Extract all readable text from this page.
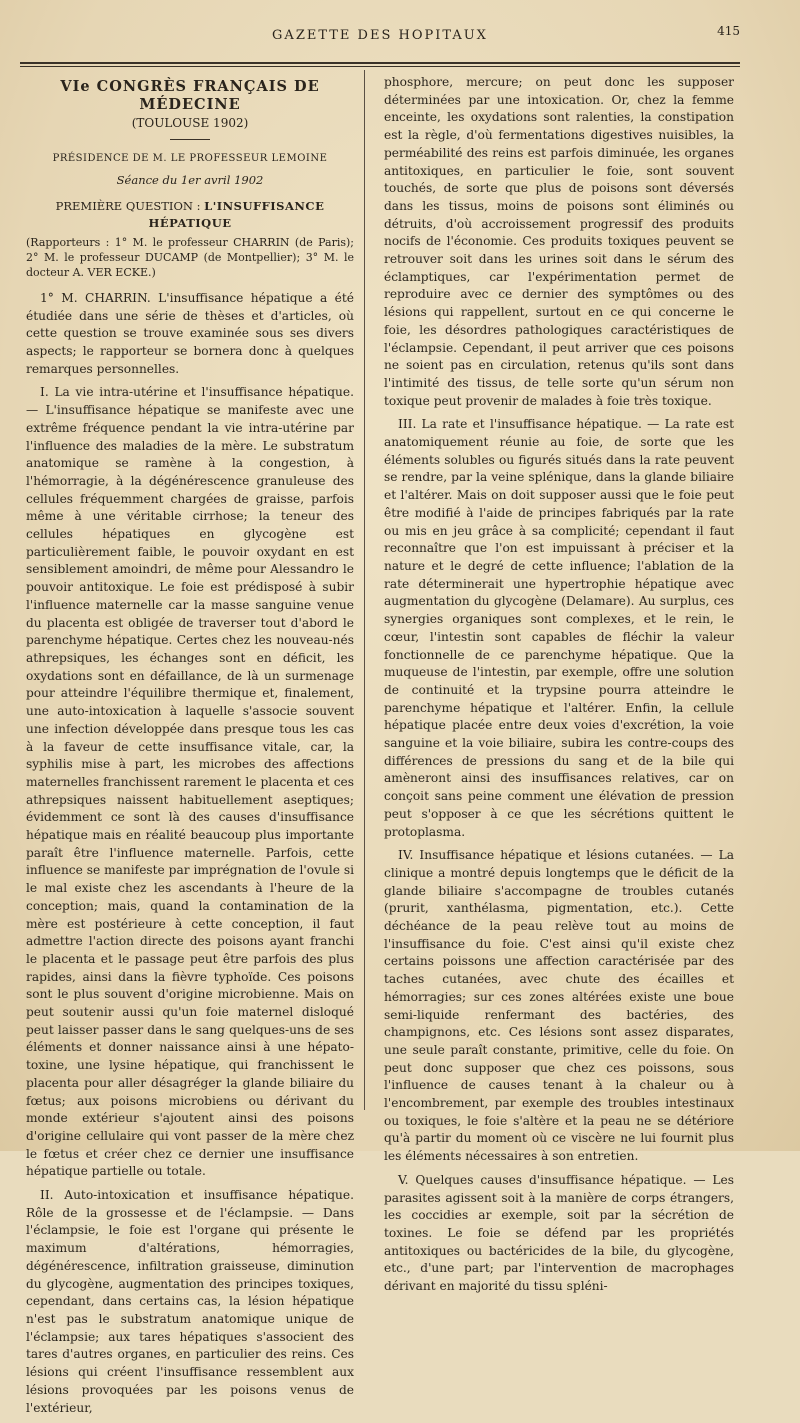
GAZETTE DES HOPITAUX	415
VIe CONGRÈS FRANÇAIS DE MÉDECINE
(TOULOUSE 1902)
PRÉSIDENCE DE M. LE PROFESSEUR LEMOINE
Séance du 1er avril 1902
PREMIÈRE QUESTION : L'INSUFFISANCE HÉPATIQUE
(Rapporteurs : 1° M. le professeur CHARRIN (de Paris); 2° M. le professeur DUCAMP (de Montpellier); 3° M. le docteur A. VER ECKE.)

1° M. CHARRIN. L'insuffisance hépatique a été étudiée dans une série de thèses et d'articles, où cette question se trouve examinée sous ses divers aspects; le rapporteur se bornera donc à quelques remarques personnelles.

I. La vie intra-utérine et l'insuffisance hépatique. — L'insuffisance hépatique se manifeste avec une extrême fréquence pendant la vie intra-utérine par l'influence des maladies de la mère. Le substratum anatomique se ramène à la congestion, à l'hémorragie, à la dégénérescence granuleuse des cellules fréquemment chargées de graisse, parfois même à une véritable cirrhose; la teneur des cellules hépatiques en glycogène est particulièrement faible, le pouvoir oxydant en est sensiblement amoindri, de même pour Alessandro le pouvoir antitoxique. Le foie est prédisposé à subir l'influence maternelle car la masse sanguine venue du placenta est obligée de traverser tout d'abord le parenchyme hépatique. Certes chez les nouveau-nés athrepsiques, les échanges sont en déficit, les oxydations sont en défaillance, de là un surmenage pour atteindre l'équilibre thermique et, finalement, une auto-intoxication à laquelle s'associe souvent une infection développée dans presque tous les cas à la faveur de cette insuffisance vitale, car, la syphilis mise à part, les microbes des affections maternelles franchissent rarement le placenta et ces athrepsiques naissent habituellement aseptiques; évidemment ce sont là des causes d'insuffisance hépatique mais en réalité beaucoup plus importante paraît être l'influence maternelle. Parfois, cette influence se manifeste par imprégnation de l'ovule si le mal existe chez les ascendants à l'heure de la conception; mais, quand la contamination de la mère est postérieure à cette conception, il faut admettre l'action directe des poisons ayant franchi le placenta et le passage peut être parfois des plus rapides, ainsi dans la fièvre typhoïde. Ces poisons sont le plus souvent d'origine microbienne. Mais on peut soutenir aussi qu'un foie maternel disloqué peut laisser passer dans le sang quelques-uns de ses éléments et donner naissance ainsi à une hépato-toxine, une lysine hépatique, qui franchissent le placenta pour aller désagréger la glande biliaire du fœtus; aux poisons microbiens ou dérivant du monde extérieur s'ajoutent ainsi des poisons d'origine cellulaire qui vont passer de la mère chez le fœtus et créer chez ce dernier une insuffisance hépatique partielle ou totale.

II. Auto-intoxication et insuffisance hépatique. Rôle de la grossesse et de l'éclampsie. — Dans l'éclampsie, le foie est l'organe qui présente le maximum d'altérations, hémorragies, dégénérescence, infiltration graisseuse, diminution du glycogène, augmentation des principes toxiques, cependant, dans certains cas, la lésion hépatique n'est pas le substratum anatomique unique de l'éclampsie; aux tares hépatiques s'associent des tares d'autres organes, en particulier des reins. Ces lésions qui créent l'insuffisance ressemblent aux lésions provoquées par les poisons venus de l'extérieur,

phosphore, mercure; on peut donc les supposer déterminées par une intoxication. Or, chez la femme enceinte, les oxydations sont ralenties, la constipation est la règle, d'où fermentations digestives nuisibles, la perméabilité des reins est parfois diminuée, les organes antitoxiques, en particulier le foie, sont souvent touchés, de sorte que plus de poisons sont déversés dans les tissus, moins de poisons sont éliminés ou détruits, d'où accroissement progressif des produits nocifs de l'économie. Ces produits toxiques peuvent se retrouver soit dans les urines soit dans le sérum des éclamptiques, car l'expérimentation permet de reproduire avec ce dernier des symptômes ou des lésions qui rappellent, surtout en ce qui concerne le foie, les désordres pathologiques caractéristiques de l'éclampsie. Cependant, il peut arriver que ces poisons ne soient pas en circulation, retenus qu'ils sont dans l'intimité des tissus, de telle sorte qu'un sérum non toxique peut provenir de malades à foie très toxique.

III. La rate et l'insuffisance hépatique. — La rate est anatomiquement réunie au foie, de sorte que les éléments solubles ou figurés situés dans la rate peuvent se rendre, par la veine splénique, dans la glande biliaire et l'altérer. Mais on doit supposer aussi que le foie peut être modifié à l'aide de principes fabriqués par la rate ou mis en jeu grâce à sa complicité; cependant il faut reconnaître que l'on est impuissant à préciser et la nature et le degré de cette influence; l'ablation de la rate déterminerait une hypertrophie hépatique avec augmentation du glycogène (Delamare). Au surplus, ces synergies organiques sont complexes, et le rein, le cœur, l'intestin sont capables de fléchir la valeur fonctionnelle de ce parenchyme hépatique. Que la muqueuse de l'intestin, par exemple, offre une solution de continuité et la trypsine pourra atteindre le parenchyme hépatique et l'altérer. Enfin, la cellule hépatique placée entre deux voies d'excrétion, la voie sanguine et la voie biliaire, subira les contre-coups des différences de pressions du sang et de la bile qui amèneront ainsi des insuffisances relatives, car on conçoit sans peine comment une élévation de pression peut s'opposer à ce que les sécrétions quittent le protoplasma.

IV. Insuffisance hépatique et lésions cutanées. — La clinique a montré depuis longtemps que le déficit de la glande biliaire s'accompagne de troubles cutanés (prurit, xanthélasma, pigmentation, etc.). Cette déchéance de la peau relève tout au moins de l'insuffisance du foie. C'est ainsi qu'il existe chez certains poissons une affection caractérisée par des taches cutanées, avec chute des écailles et hémorragies; sur ces zones altérées existe une boue semi-liquide renfermant des bactéries, des champignons, etc. Ces lésions sont assez disparates, une seule paraît constante, primitive, celle du foie. On peut donc supposer que chez ces poissons, sous l'influence de causes tenant à la chaleur ou à l'encombrement, par exemple des troubles intestinaux ou toxiques, le foie s'altère et la peau ne se détériore qu'à partir du moment où ce viscère ne lui fournit plus les éléments nécessaires à son entretien.

V. Quelques causes d'insuffisance hépatique. — Les parasites agissent soit à la manière de corps étrangers, les coccidies ar exemple, soit par la sécrétion de toxines. Le foie se défend par les propriétés antitoxiques ou bactéricides de la bile, du glycogène, etc., d'une part; par l'intervention de macrophages dérivant en majorité du tissu spléni-
